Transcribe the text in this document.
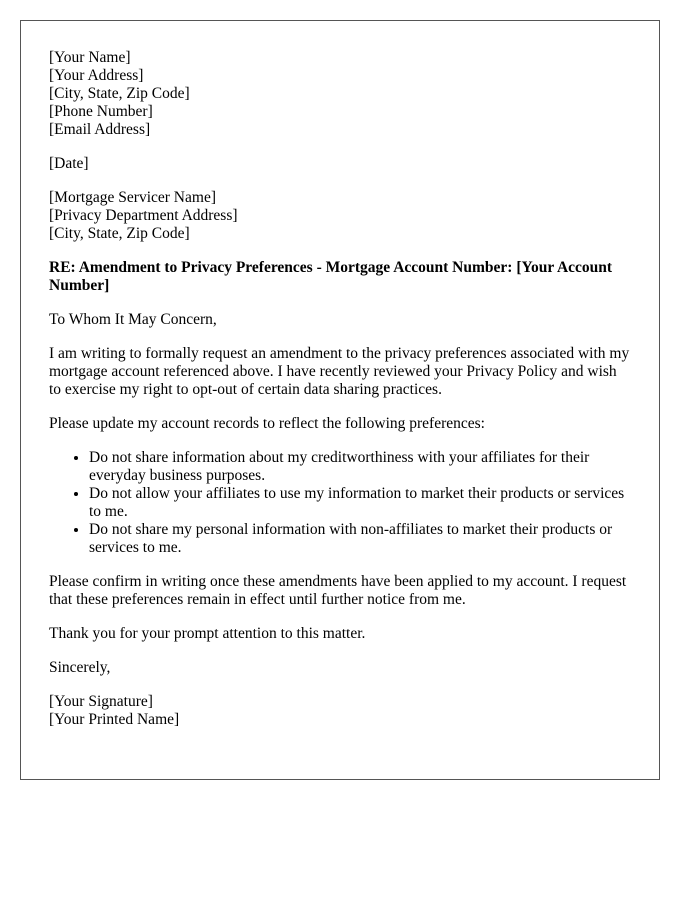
[Your Name]
[Your Address]
[City, State, Zip Code]
[Phone Number]
[Email Address]
[Date]
[Mortgage Servicer Name]
[Privacy Department Address]
[City, State, Zip Code]
RE: Amendment to Privacy Preferences - Mortgage Account Number: [Your Account Number]

To Whom It May Concern,

I am writing to formally request an amendment to the privacy preferences associated with my mortgage account referenced above. I have recently reviewed your Privacy Policy and wish to exercise my right to opt-out of certain data sharing practices.

Please update my account records to reflect the following preferences:

• Do not share information about my creditworthiness with your affiliates for their everyday business purposes.
• Do not allow your affiliates to use my information to market their products or services to me.
• Do not share my personal information with non-affiliates to market their products or services to me.

Please confirm in writing once these amendments have been applied to my account. I request that these preferences remain in effect until further notice from me.

Thank you for your prompt attention to this matter.

Sincerely,

[Your Signature]
[Your Printed Name]
